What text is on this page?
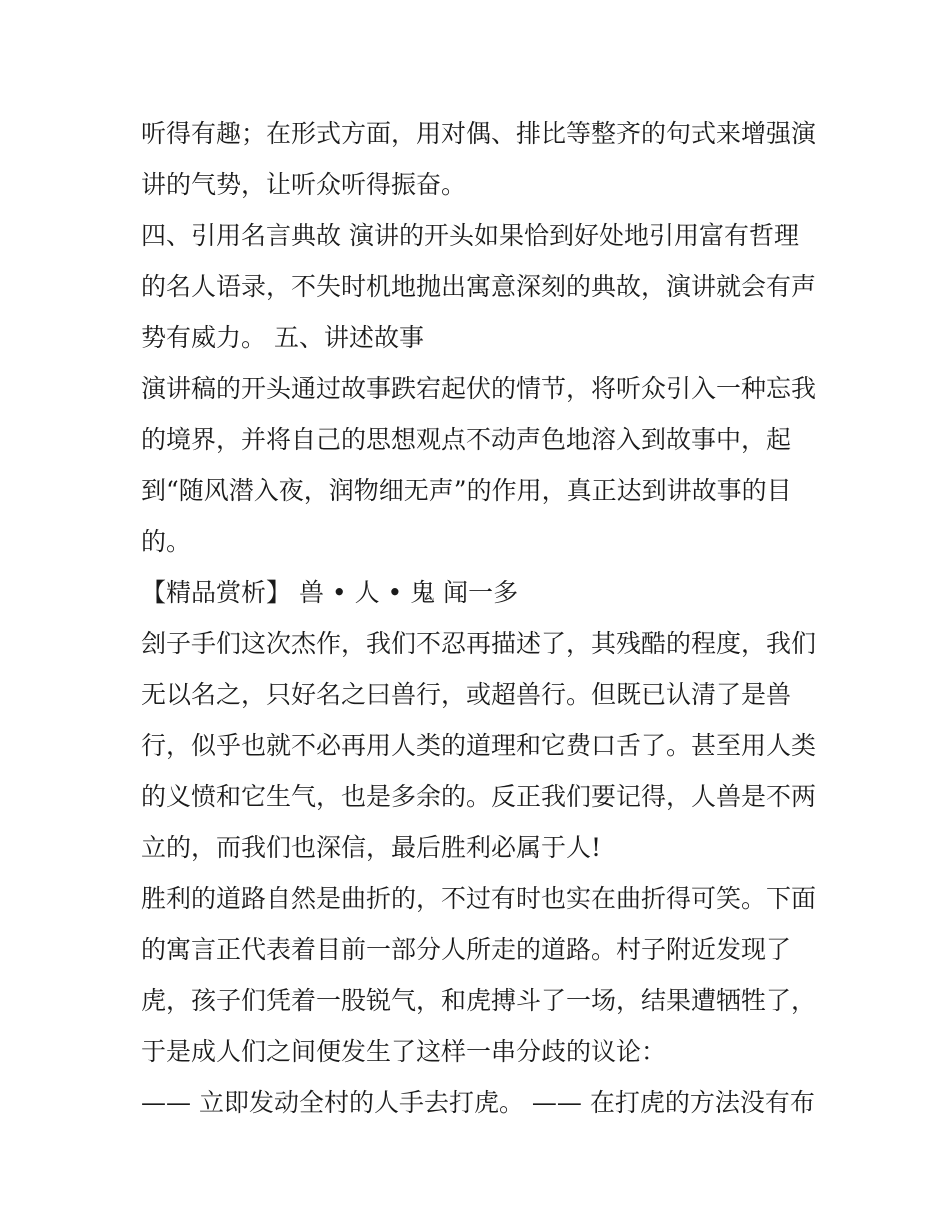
听得有趣；在形式方面，用对偶、排比等整齐的句式来增强演
讲的气势，让听众听得振奋。
四、引用名言典故 演讲的开头如果恰到好处地引用富有哲理
的名人语录，不失时机地抛出寓意深刻的典故，演讲就会有声
势有威力。 五、讲述故事
演讲稿的开头通过故事跌宕起伏的情节，将听众引入一种忘我
的境界，并将自己的思想观点不动声色地溶入到故事中，起
到“随风潜入夜，润物细无声”的作用，真正达到讲故事的目
的。
【精品赏析】 兽 • 人 • 鬼 闻一多
刽子手们这次杰作，我们不忍再描述了，其残酷的程度，我们
无以名之，只好名之曰兽行，或超兽行。但既已认清了是兽
行，似乎也就不必再用人类的道理和它费口舌了。甚至用人类
的义愤和它生气，也是多余的。反正我们要记得，人兽是不两
立的，而我们也深信，最后胜利必属于人!
胜利的道路自然是曲折的，不过有时也实在曲折得可笑。下面
的寓言正代表着目前一部分人所走的道路。村子附近发现了
虎，孩子们凭着一股锐气，和虎搏斗了一场，结果遭牺牲了，
于是成人们之间便发生了这样一串分歧的议论：
—— 立即发动全村的人手去打虎。 —— 在打虎的方法没有布
